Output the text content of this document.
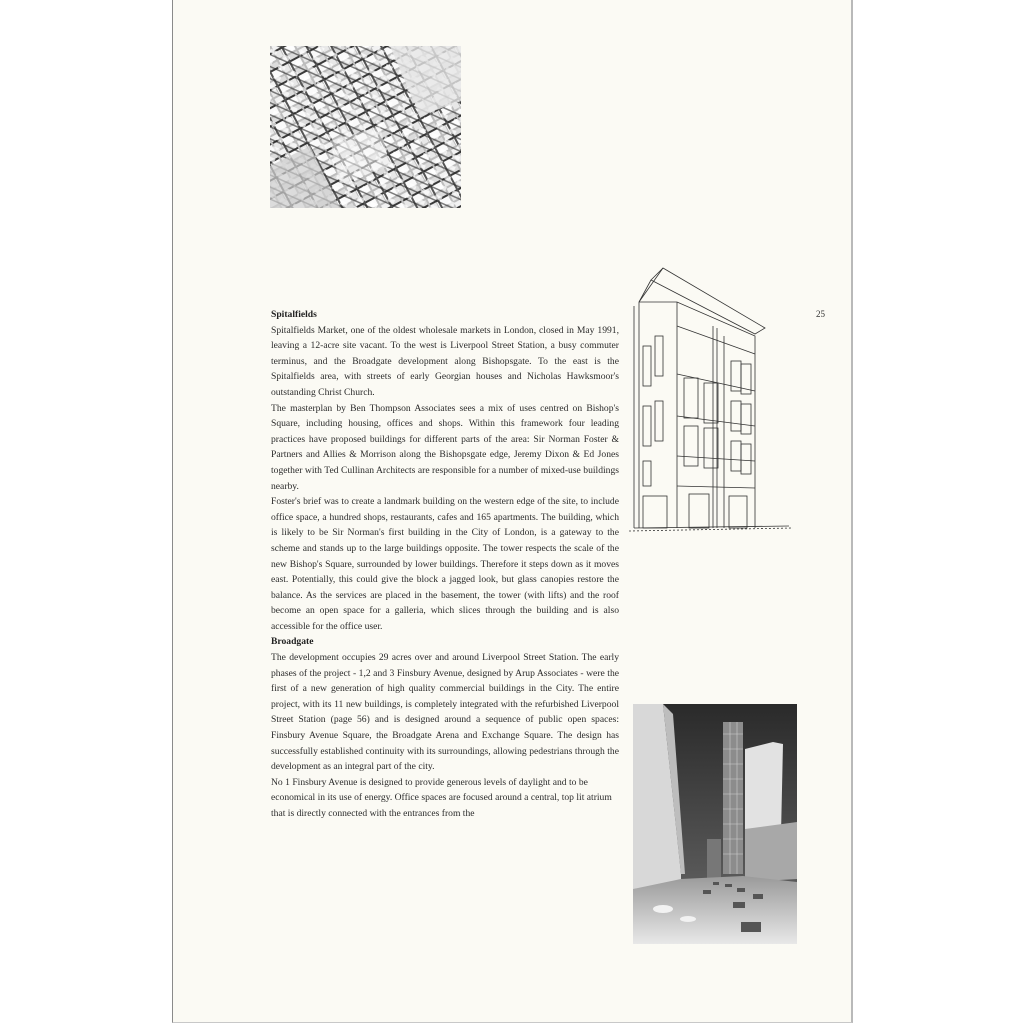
25
Spitalfields

Spitalfields Market, one of the oldest wholesale markets in London, closed in May 1991, leaving a 12-acre site vacant. To the west is Liverpool Street Station, a busy commuter terminus, and the Broadgate development along Bishopsgate. To the east is the Spitalfields area, with streets of early Georgian houses and Nicholas Hawksmoor's outstanding Christ Church.

The masterplan by Ben Thompson Associates sees a mix of uses centred on Bishop's Square, including housing, offices and shops. Within this framework four leading practices have proposed buildings for different parts of the area: Sir Norman Foster & Partners and Allies & Morrison along the Bishopsgate edge, Jeremy Dixon & Ed Jones together with Ted Cullinan Architects are responsible for a number of mixed-use buildings nearby.

Foster's brief was to create a landmark building on the western edge of the site, to include office space, a hundred shops, restaurants, cafes and 165 apartments. The building, which is likely to be Sir Norman's first building in the City of London, is a gateway to the scheme and stands up to the large buildings opposite. The tower respects the scale of the new Bishop's Square, surrounded by lower buildings. Therefore it steps down as it moves east. Potentially, this could give the block a jagged look, but glass canopies restore the balance. As the services are placed in the basement, the tower (with lifts) and the roof become an open space for a galleria, which slices through the building and is also accessible for the office user.

Broadgate

The development occupies 29 acres over and around Liverpool Street Station. The early phases of the project - 1,2 and 3 Finsbury Avenue, designed by Arup Associates - were the first of a new generation of high quality commercial buildings in the City. The entire project, with its 11 new buildings, is completely integrated with the refurbished Liverpool Street Station (page 56) and is designed around a sequence of public open spaces: Finsbury Avenue Square, the Broadgate Arena and Exchange Square. The design has successfully established continuity with its surroundings, allowing pedestrians through the development as an integral part of the city.

No 1 Finsbury Avenue is designed to provide generous levels of daylight and to be economical in its use of energy. Office spaces are focused around a central, top lit atrium that is directly connected with the entrances from the
